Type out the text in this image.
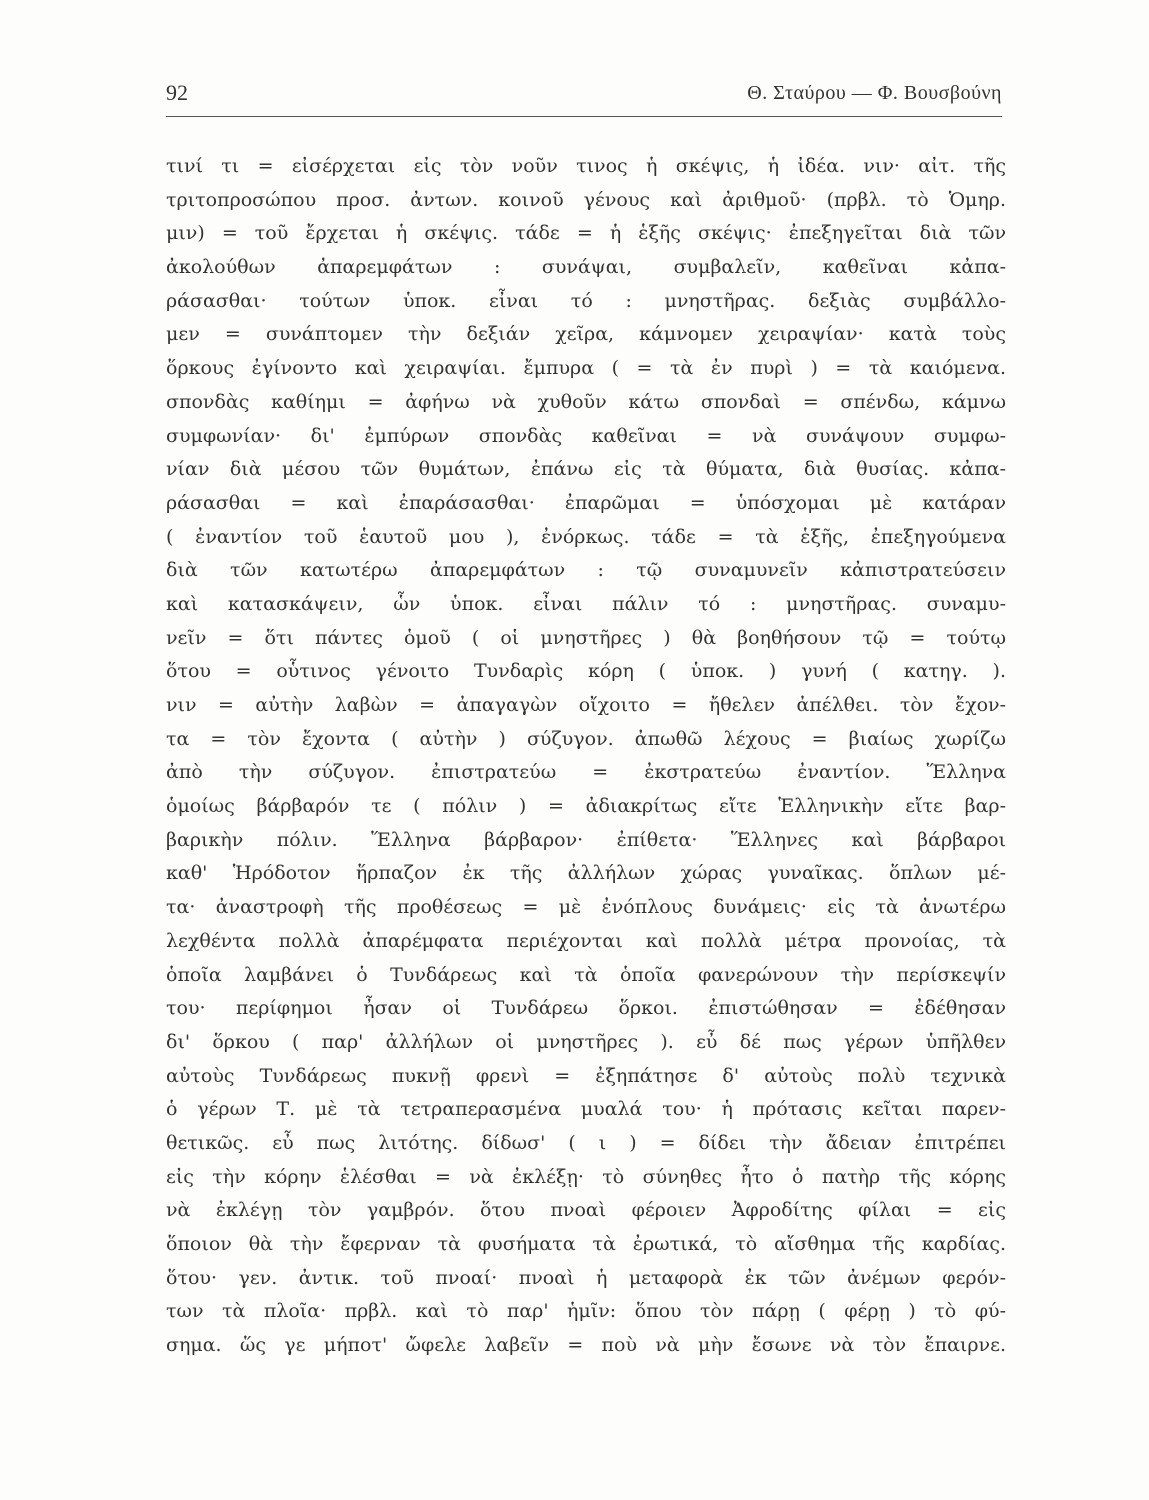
92	Θ. Σταύρου — Φ. Βουσβούνη
τινί τι = εἰσέρχεται εἰς τὸν νοῦν τινος ἡ σκέψις, ἡ ἰδέα. νιν· αἰτ. τῆς
τριτοπροσώπου προσ. ἀντων. κοινοῦ γένους καὶ ἀριθμοῦ· (πρβλ. τὸ Ὁμηρ.
μιν) = τοῦ ἔρχεται ἡ σκέψις. τάδε = ἡ ἑξῆς σκέψις· ἐπεξηγεῖται διὰ τῶν
ἀκολούθων ἀπαρεμφάτων : συνάψαι, συμβαλεῖν, καθεῖναι κἀπα-
ράσασθαι· τούτων ὑποκ. εἶναι τό : μνηστῆρας. δεξιὰς συμβάλλο-
μεν = συνάπτομεν τὴν δεξιάν χεῖρα, κάμνομεν χειραψίαν· κατὰ τοὺς
ὅρκους ἐγίνοντο καὶ χειραψίαι. ἔμπυρα ( = τὰ ἐν πυρὶ ) = τὰ καιόμενα.
σπονδὰς καθίημι = ἀφήνω νὰ χυθοῦν κάτω σπονδαὶ = σπένδω, κάμνω
συμφωνίαν· δι' ἐμπύρων σπονδὰς καθεῖναι = νὰ συνάψουν συμφω-
νίαν διὰ μέσου τῶν θυμάτων, ἐπάνω εἰς τὰ θύματα, διὰ θυσίας. κἀπα-
ράσασθαι = καὶ ἐπαράσασθαι· ἐπαρῶμαι = ὑπόσχομαι μὲ κατάραν
( ἐναντίον τοῦ ἑαυτοῦ μου ), ἐνόρκως. τάδε = τὰ ἑξῆς, ἐπεξηγούμενα
διὰ τῶν κατωτέρω ἀπαρεμφάτων : τῷ συναμυνεῖν κἀπιστρατεύσειν
καὶ κατασκάψειν, ὧν ὑποκ. εἶναι πάλιν τό : μνηστῆρας. συναμυ-
νεῖν = ὅτι πάντες ὁμοῦ ( οἱ μνηστῆρες ) θὰ βοηθήσουν τῷ = τούτῳ
ὅτου = οὗτινος γένοιτο Τυνδαρὶς κόρη ( ὑποκ. ) γυνή ( κατηγ. ).
νιν = αὐτὴν λαβὼν = ἀπαγαγὼν οἴχοιτο = ἤθελεν ἀπέλθει. τὸν ἔχον-
τα = τὸν ἔχοντα ( αὐτὴν ) σύζυγον. ἀπωθῶ λέχους = βιαίως χωρίζω
ἀπὸ τὴν σύζυγον. ἐπιστρατεύω = ἐκστρατεύω ἐναντίον. Ἕλληνα
ὁμοίως βάρβαρόν τε ( πόλιν ) = ἀδιακρίτως εἴτε Ἑλληνικὴν εἴτε βαρ-
βαρικὴν πόλιν. Ἕλληνα βάρβαρον· ἐπίθετα· Ἕλληνες καὶ βάρβαροι
καθ' Ἡρόδοτον ἥρπαζον ἐκ τῆς ἀλλήλων χώρας γυναῖκας. ὅπλων μέ-
τα· ἀναστροφὴ τῆς προθέσεως = μὲ ἐνόπλους δυνάμεις· εἰς τὰ ἀνωτέρω
λεχθέντα πολλὰ ἀπαρέμφατα περιέχονται καὶ πολλὰ μέτρα προνοίας, τὰ
ὁποῖα λαμβάνει ὁ Τυνδάρεως καὶ τὰ ὁποῖα φανερώνουν τὴν περίσκεψίν
του· περίφημοι ἦσαν οἱ Τυνδάρεω ὅρκοι. ἐπιστώθησαν = ἐδέθησαν
δι' ὅρκου ( παρ' ἀλλήλων οἱ μνηστῆρες ). εὖ δέ πως γέρων ὑπῆλθεν
αὐτοὺς Τυνδάρεως πυκνῇ φρενὶ = ἐξηπάτησε δ' αὐτοὺς πολὺ τεχνικὰ
ὁ γέρων Τ. μὲ τὰ τετραπερασμένα μυαλά του· ἡ πρότασις κεῖται παρεν-
θετικῶς. εὖ πως λιτότης. δίδωσ' ( ι ) = δίδει τὴν ἄδειαν ἐπιτρέπει
εἰς τὴν κόρην ἑλέσθαι = νὰ ἐκλέξῃ· τὸ σύνηθες ἦτο ὁ πατὴρ τῆς κόρης
νὰ ἐκλέγῃ τὸν γαμβρόν. ὅτου πνοαὶ φέροιεν Ἀφροδίτης φίλαι = εἰς
ὅποιον θὰ τὴν ἔφερναν τὰ φυσήματα τὰ ἐρωτικά, τὸ αἴσθημα τῆς καρδίας.
ὅτου· γεν. ἀντικ. τοῦ πνοαί· πνοαὶ ἡ μεταφορὰ ἐκ τῶν ἀνέμων φερόν-
των τὰ πλοῖα· πρβλ. καὶ τὸ παρ' ἡμῖν: ὅπου τὸν πάρῃ ( φέρῃ ) τὸ φύ-
σημα. ὥς γε μήποτ' ὤφελε λαβεῖν = ποὺ νὰ μὴν ἔσωνε νὰ τὸν ἔπαιρνε.
